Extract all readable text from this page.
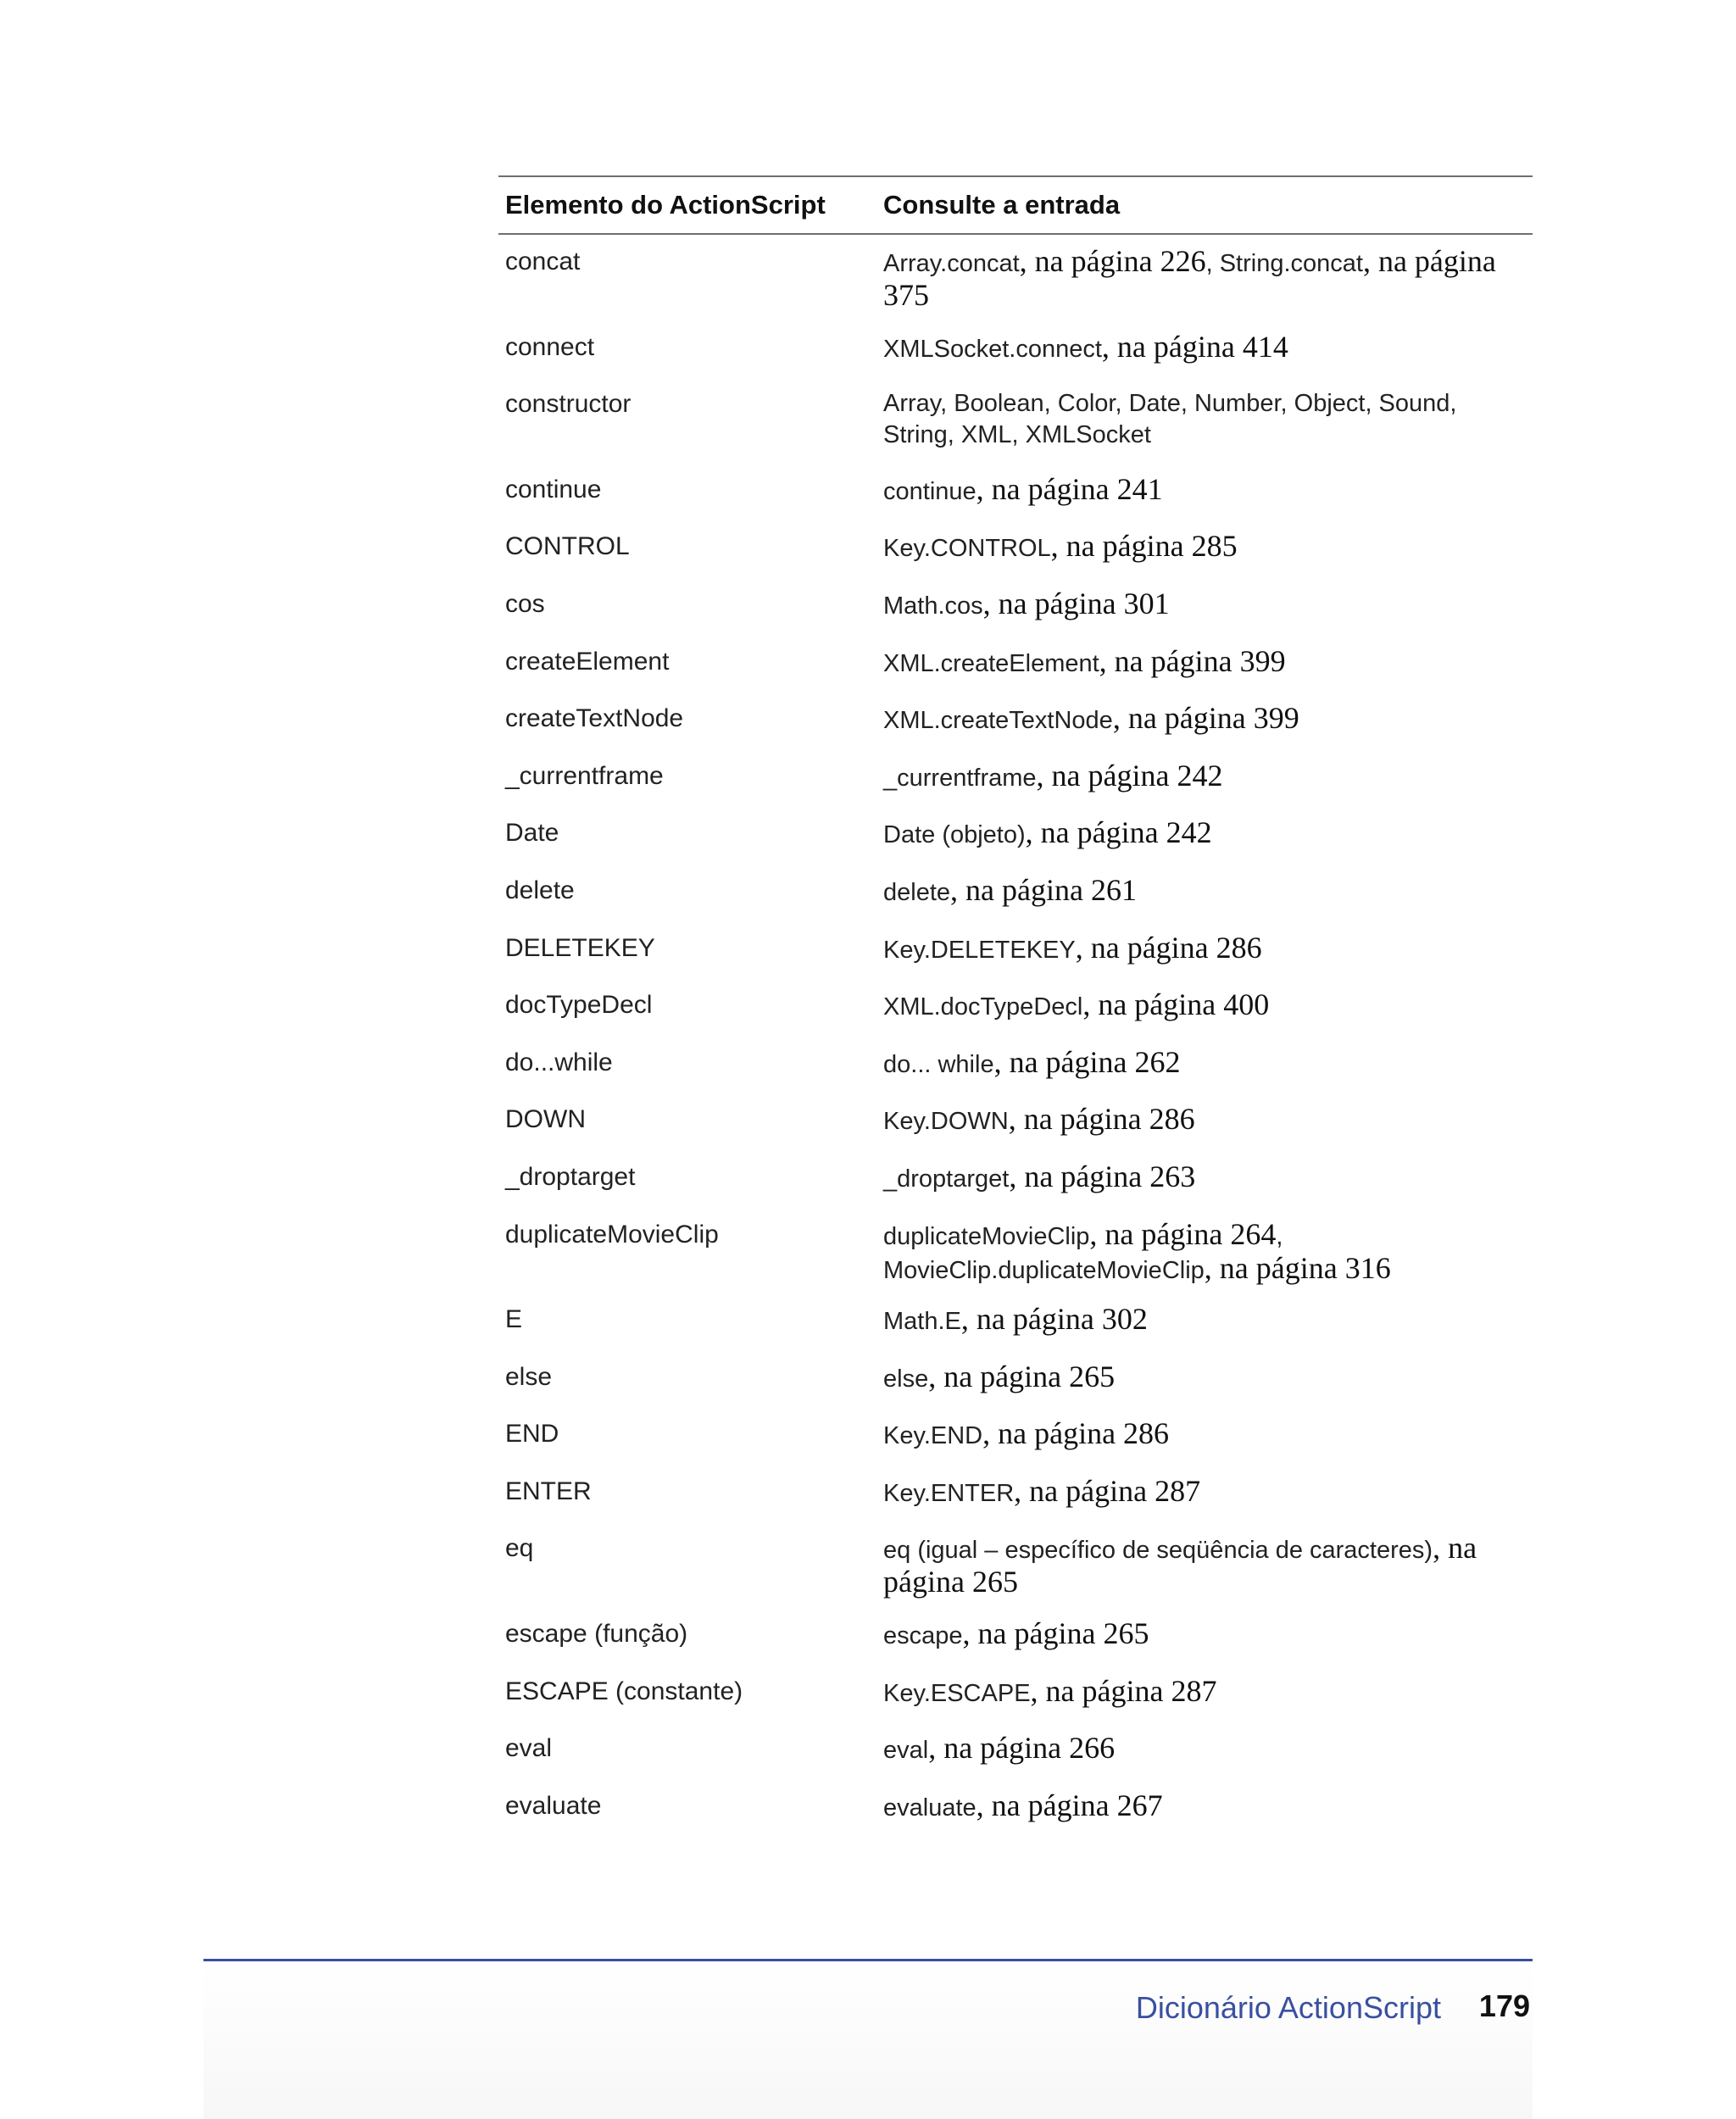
Elemento do ActionScript	Consulte a entrada
concat	Array.concat, na página 226, String.concat, na página 375
connect	XMLSocket.connect, na página 414
constructor	Array, Boolean, Color, Date, Number, Object, Sound, String, XML, XMLSocket
continue	continue, na página 241
CONTROL	Key.CONTROL, na página 285
cos	Math.cos, na página 301
createElement	XML.createElement, na página 399
createTextNode	XML.createTextNode, na página 399
_currentframe	_currentframe, na página 242
Date	Date (objeto), na página 242
delete	delete, na página 261
DELETEKEY	Key.DELETEKEY, na página 286
docTypeDecl	XML.docTypeDecl, na página 400
do...while	do... while, na página 262
DOWN	Key.DOWN, na página 286
_droptarget	_droptarget, na página 263
duplicateMovieClip	duplicateMovieClip, na página 264, MovieClip.duplicateMovieClip, na página 316
E	Math.E, na página 302
else	else, na página 265
END	Key.END, na página 286
ENTER	Key.ENTER, na página 287
eq	eq (igual – específico de seqüência de caracteres), na página 265
escape (função)	escape, na página 265
ESCAPE (constante)	Key.ESCAPE, na página 287
eval	eval, na página 266
evaluate	evaluate, na página 267
Dicionário ActionScript 179
